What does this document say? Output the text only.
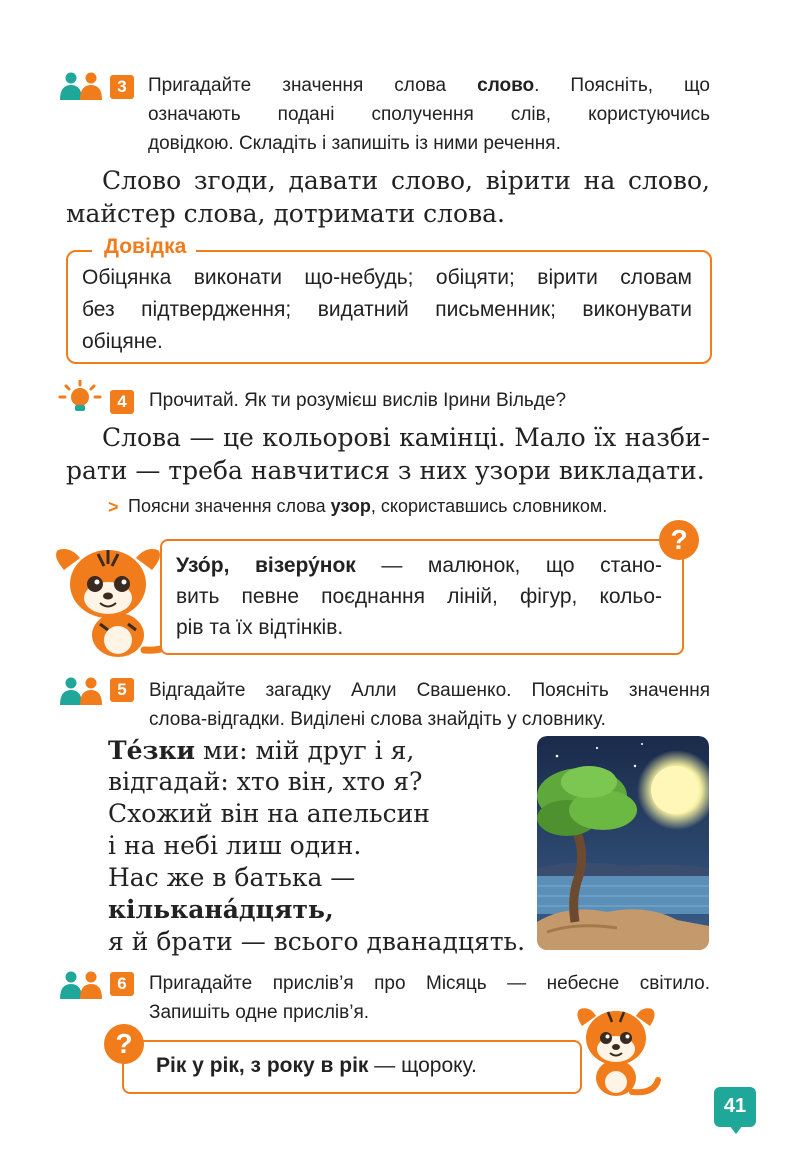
3	Пригадайте значення слова слово. Поясніть, що
означають подані сполучення слів, користуючись
довідкою. Складіть і запишіть із ними речення.
Слово згоди, давати слово, вірити на слово,
майстер слова, дотримати слова.
Довідка
Обіцянка виконати що-небудь; обіцяти; вірити словам
без підтвердження; видатний письменник; виконувати
обіцяне.
4	Прочитай. Як ти розумієш вислів Ірини Вільде?
Слова — це кольорові камінці. Мало їх назби-
рати — треба навчитися з них узори викладати.
> Поясни значення слова узор, скориставшись словником.
?
Узо́р, візеру́нок — малюнок, що стано-
вить певне поєднання ліній, фігур, кольо-
рів та їх відтінків.
5	Відгадайте загадку Алли Свашенко. Поясніть значення
слова-відгадки. Виділені слова знайдіть у словнику.
Те́зки ми: мій друг і я,
відгадай: хто він, хто я?
Схожий він на апельсин
і на небі лиш один.
Нас же в батька —
кількана́дцять,
я й брати — всього дванадцять.
6	Пригадайте прислів’я про Місяць — небесне світило.
Запишіть одне прислів’я.
?
Рік у рік, з року в рік — щороку.
41
